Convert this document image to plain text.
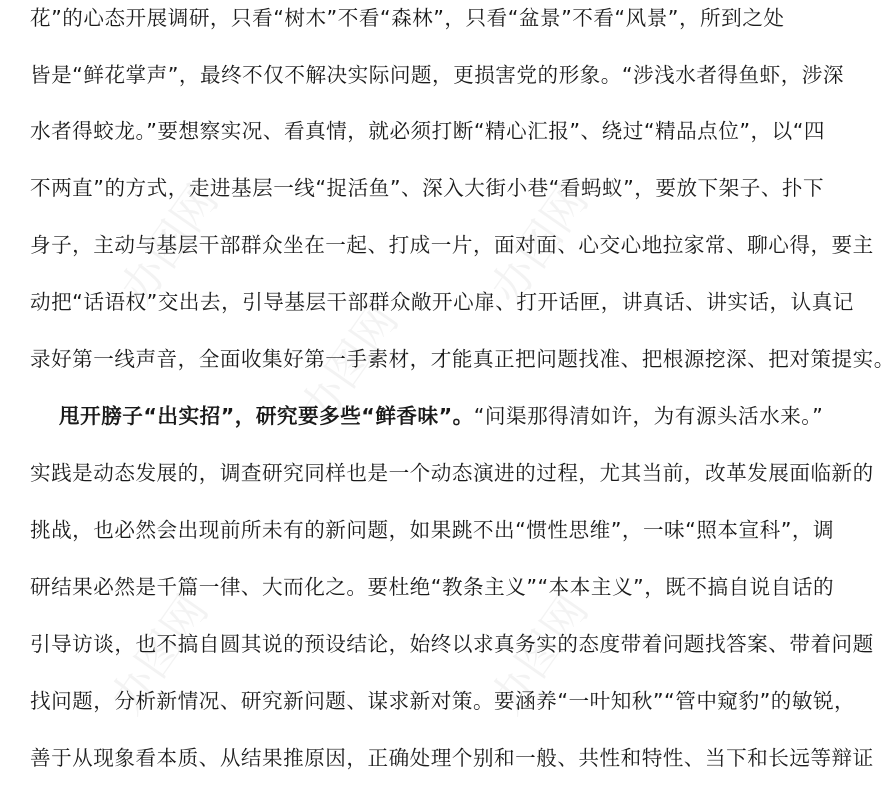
办图网	办图网
办图网
办图网	办图网
花”的心态开展调研，只看“树木”不看“森林”，只看“盆景”不看“风景”，所到之处
皆是“鲜花掌声”，最终不仅不解决实际问题，更损害党的形象。“涉浅水者得鱼虾，涉深
水者得蛟龙。”要想察实况、看真情，就必须打断“精心汇报”、绕过“精品点位”，以“四
不两直”的方式，走进基层一线“捉活鱼”、深入大街小巷“看蚂蚁”，要放下架子、扑下
身子，主动与基层干部群众坐在一起、打成一片，面对面、心交心地拉家常、聊心得，要主
动把“话语权”交出去，引导基层干部群众敞开心扉、打开话匣，讲真话、讲实话，认真记
录好第一线声音，全面收集好第一手素材，才能真正把问题找准、把根源挖深、把对策提实。
甩开膀子“出实招”，研究要多些“鲜香味”。“问渠那得清如许，为有源头活水来。”
实践是动态发展的，调查研究同样也是一个动态演进的过程，尤其当前，改革发展面临新的
挑战，也必然会出现前所未有的新问题，如果跳不出“惯性思维”，一味“照本宣科”，调
研结果必然是千篇一律、大而化之。要杜绝“教条主义”“本本主义”，既不搞自说自话的
引导访谈，也不搞自圆其说的预设结论，始终以求真务实的态度带着问题找答案、带着问题
找问题，分析新情况、研究新问题、谋求新对策。要涵养“一叶知秋”“管中窥豹”的敏锐，
善于从现象看本质、从结果推原因，正确处理个别和一般、共性和特性、当下和长远等辩证
